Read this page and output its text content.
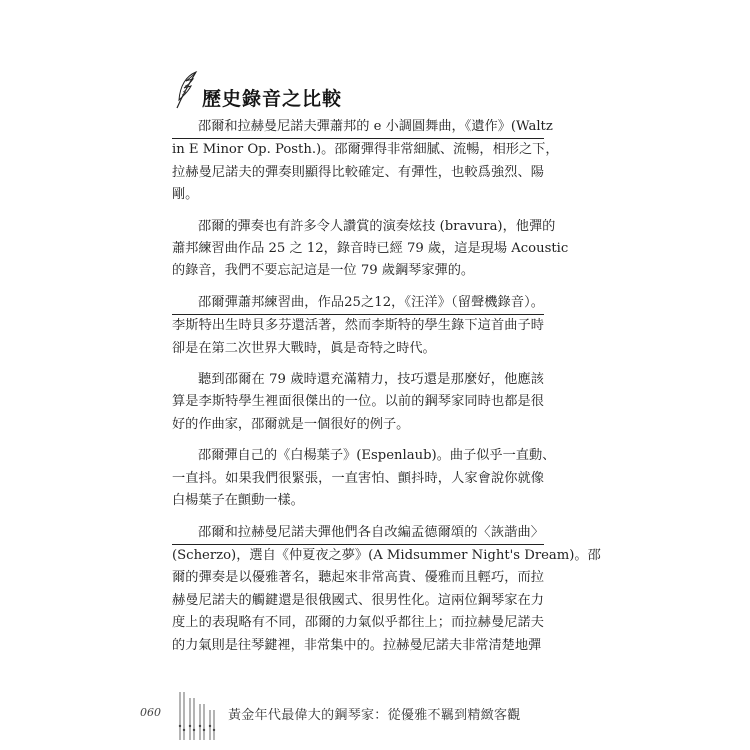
歷史錄音之比較
邵爾和拉赫曼尼諾夫彈蕭邦的 e 小調圓舞曲，《遺作》(Waltz
in E Minor Op. Posth.)。邵爾彈得非常細膩、流暢，相形之下，
拉赫曼尼諾夫的彈奏則顯得比較確定、有彈性，也較爲強烈、陽
剛。
邵爾的彈奏也有許多令人讚賞的演奏炫技 (bravura)，他彈的
蕭邦練習曲作品 25 之 12，錄音時已經 79 歲，這是現場 Acoustic
的錄音，我們不要忘記這是一位 79 歲鋼琴家彈的。
邵爾彈蕭邦練習曲，作品25之12，《汪洋》（留聲機錄音）。
李斯特出生時貝多芬還活著，然而李斯特的學生錄下這首曲子時
卻是在第二次世界大戰時，眞是奇特之時代。
聽到邵爾在 79 歲時還充滿精力，技巧還是那麼好，他應該
算是李斯特學生裡面很傑出的一位。以前的鋼琴家同時也都是很
好的作曲家，邵爾就是一個很好的例子。
邵爾彈自己的《白楊葉子》(Espenlaub)。曲子似乎一直動、
一直抖。如果我們很緊張，一直害怕、顫抖時，人家會說你就像
白楊葉子在顫動一樣。
邵爾和拉赫曼尼諾夫彈他們各自改編孟德爾頌的〈詼諧曲〉
(Scherzo)，選自《仲夏夜之夢》(A Midsummer Night's Dream)。邵
爾的彈奏是以優雅著名，聽起來非常高貴、優雅而且輕巧，而拉
赫曼尼諾夫的觸鍵還是很俄國式、很男性化。這兩位鋼琴家在力
度上的表現略有不同，邵爾的力氣似乎都往上；而拉赫曼尼諾夫
的力氣則是往琴鍵裡，非常集中的。拉赫曼尼諾夫非常清楚地彈
060	黃金年代最偉大的鋼琴家：從優雅不羈到精緻客觀
